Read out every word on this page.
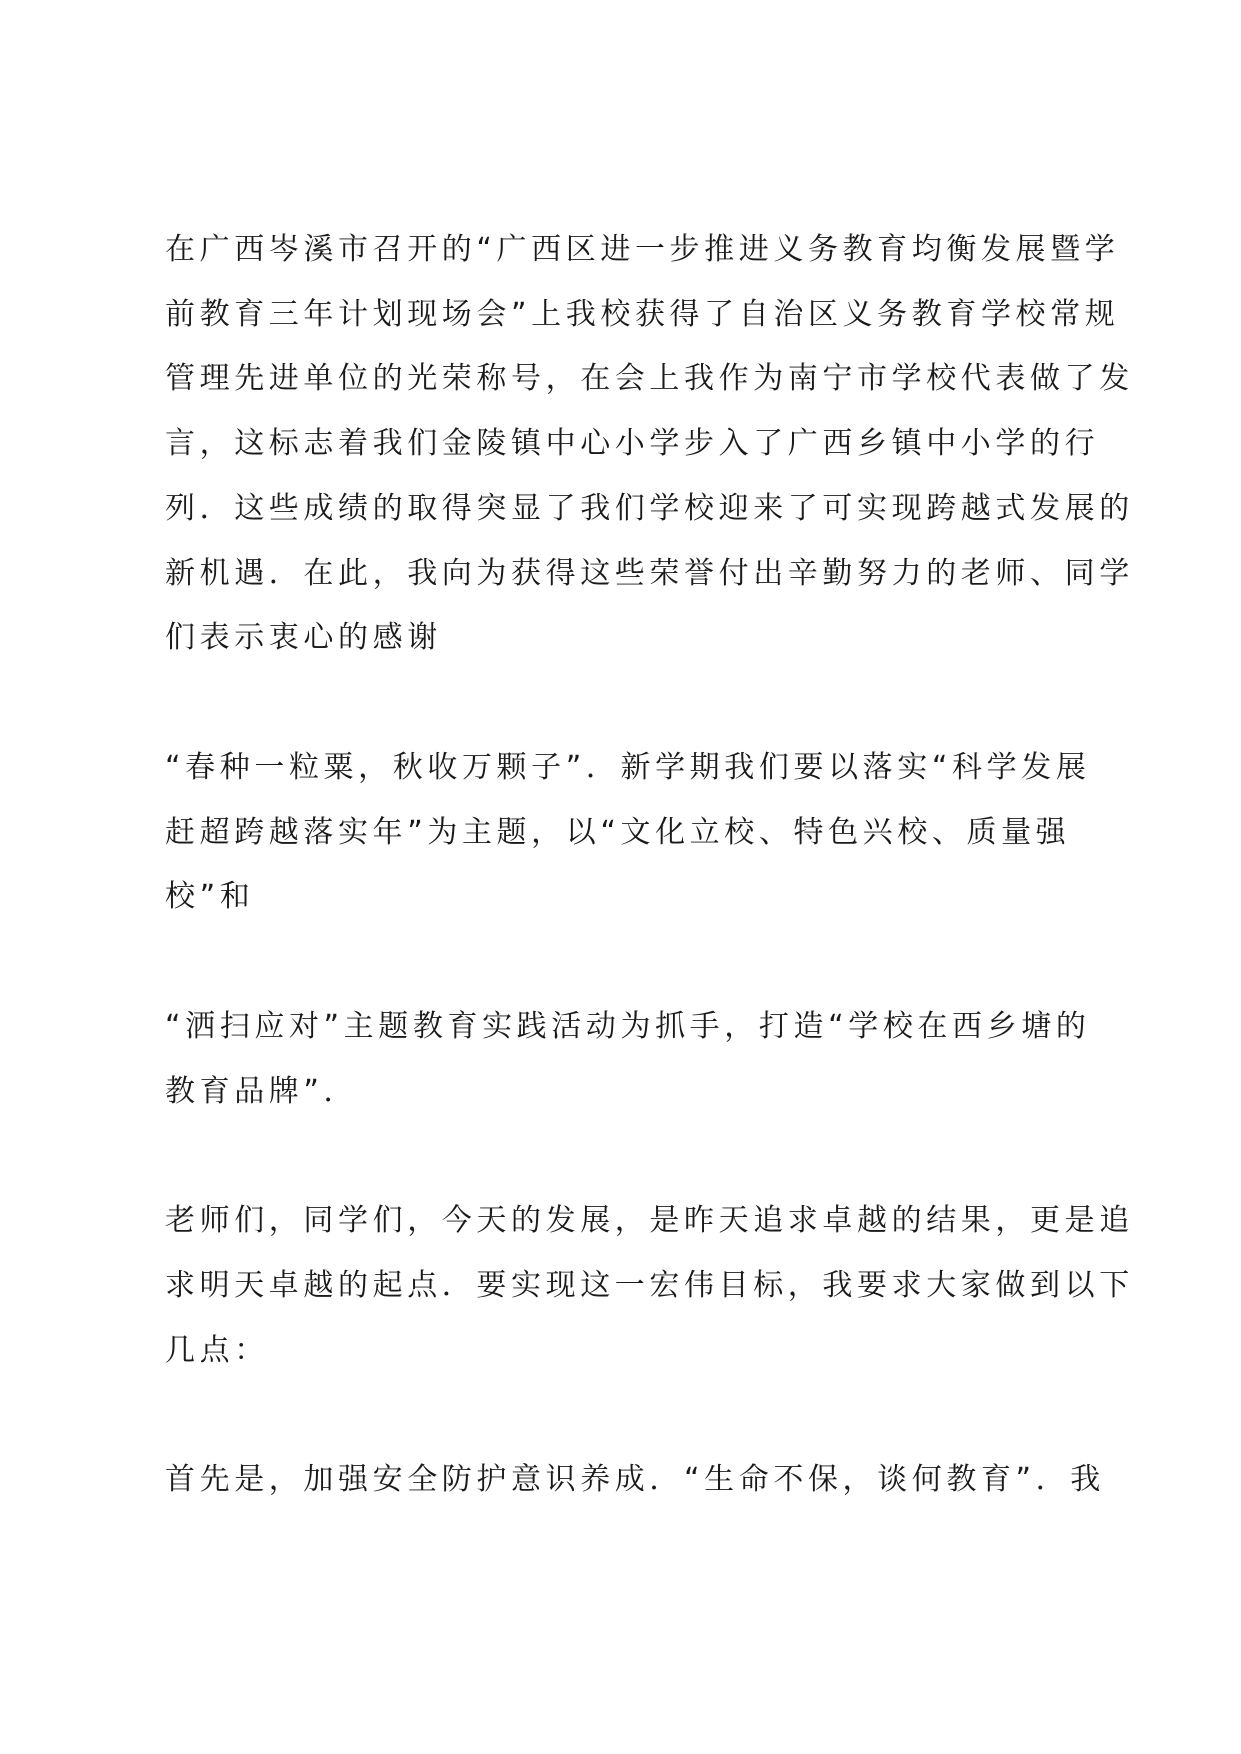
在广西岑溪市召开的“广西区进一步推进义务教育均衡发展暨学

前教育三年计划现场会”上我校获得了自治区义务教育学校常规

管理先进单位的光荣称号，在会上我作为南宁市学校代表做了发

言，这标志着我们金陵镇中心小学步入了广西乡镇中小学的行

列．这些成绩的取得突显了我们学校迎来了可实现跨越式发展的

新机遇．在此，我向为获得这些荣誉付出辛勤努力的老师、同学

们表示衷心的感谢

“春种一粒粟，秋收万颗子”．新学期我们要以落实“科学发展

赶超跨越落实年”为主题，以“文化立校、特色兴校、质量强

校”和

“洒扫应对”主题教育实践活动为抓手，打造“学校在西乡塘的

教育品牌”．

老师们，同学们，今天的发展，是昨天追求卓越的结果，更是追

求明天卓越的起点．要实现这一宏伟目标，我要求大家做到以下

几点：

首先是，加强安全防护意识养成．“生命不保，谈何教育”．我
